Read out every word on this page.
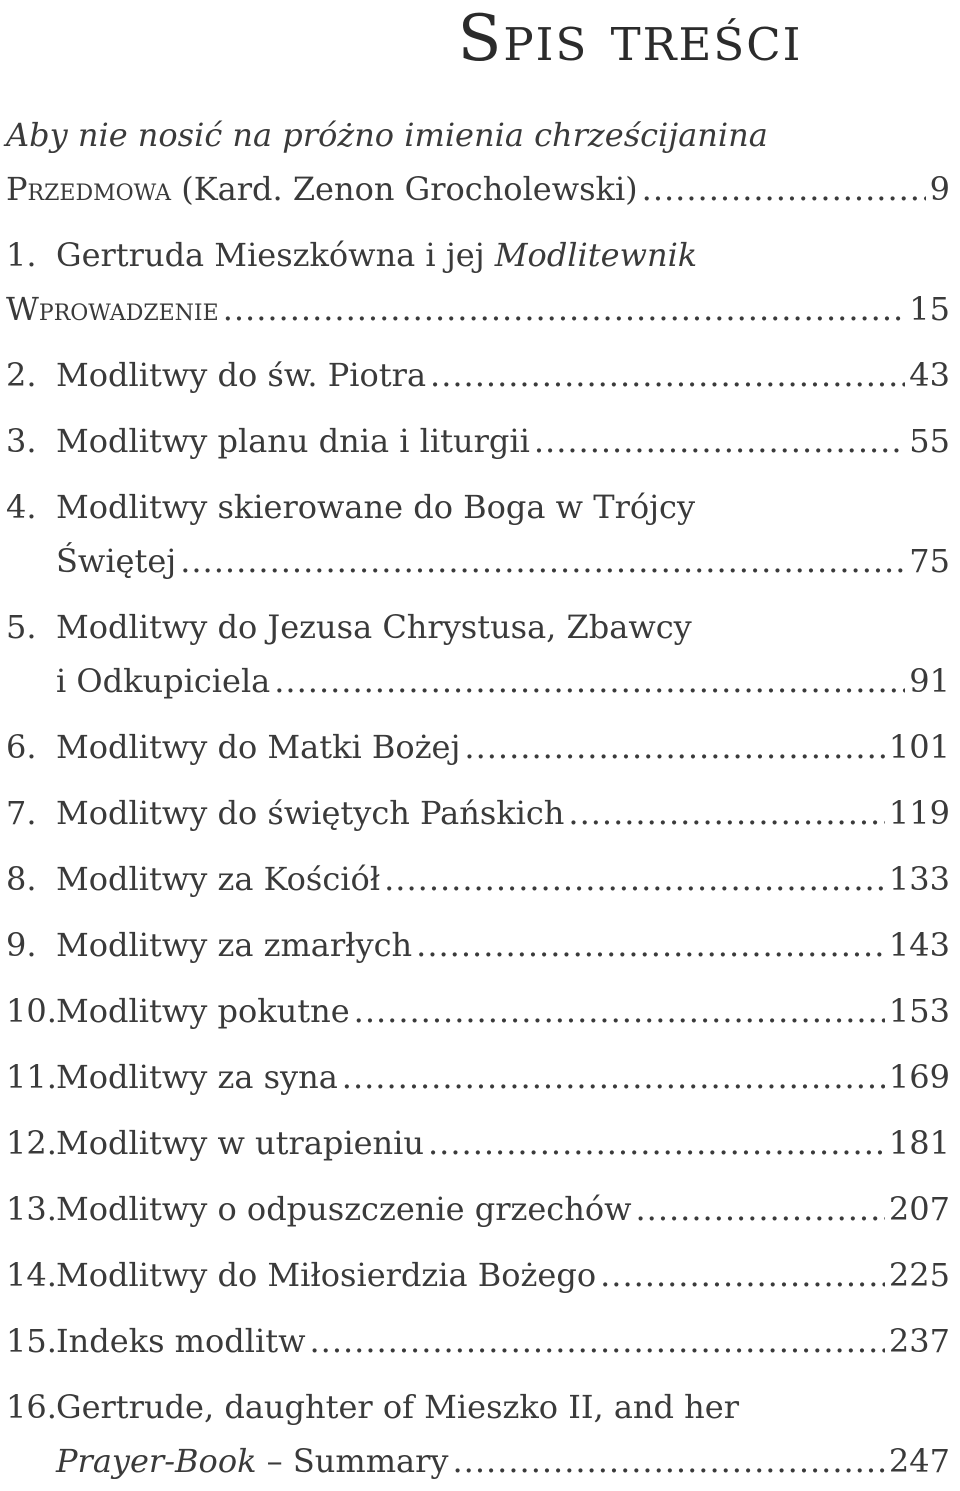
Spis treści
Aby nie nosić na próżno imienia chrześcijanina
Przedmowa (Kard. Zenon Grocholewski) .....	9
1. Gertruda Mieszkówna i jej Modlitewnik
Wprowadzenie .....	15
2. Modlitwy do św. Piotra .....	43
3. Modlitwy planu dnia i liturgii .....	55
4. Modlitwy skierowane do Boga w Trójcy
Świętej .....	75
5. Modlitwy do Jezusa Chrystusa, Zbawcy
i Odkupiciela .....	91
6. Modlitwy do Matki Bożej .....	101
7. Modlitwy do świętych Pańskich .....	119
8. Modlitwy za Kościół .....	133
9. Modlitwy za zmarłych .....	143
10. Modlitwy pokutne .....	153
11. Modlitwy za syna .....	169
12. Modlitwy w utrapieniu .....	181
13. Modlitwy o odpuszczenie grzechów .....	207
14. Modlitwy do Miłosierdzia Bożego .....	225
15. Indeks modlitw .....	237
16. Gertrude, daughter of Mieszko II, and her
Prayer-Book – Summary .....	247
